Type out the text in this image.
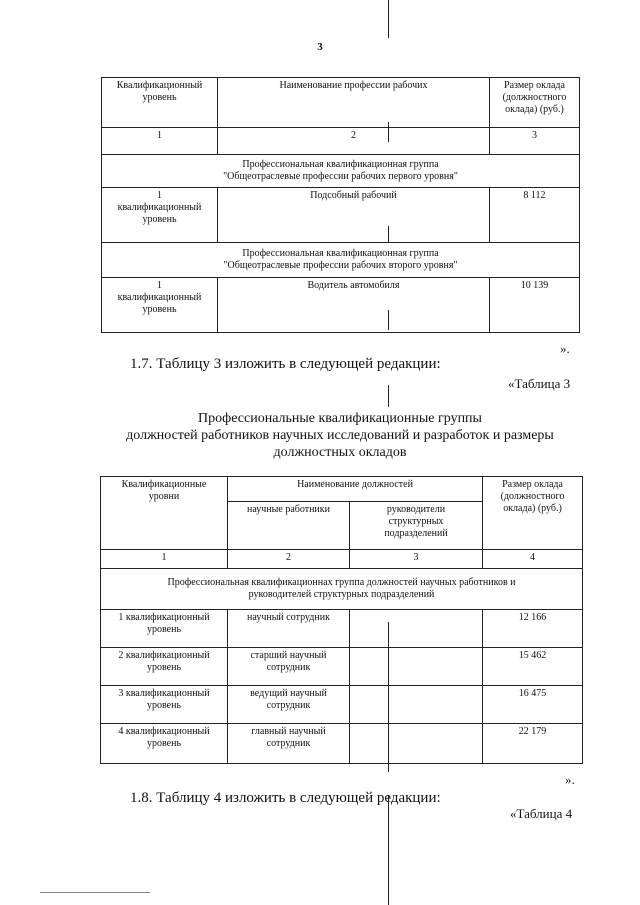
3
Квалификационный уровень	Наименование профессии рабочих	Размер оклада (должностного оклада) (руб.)
1	2	3
Профессиональная квалификационная группа
"Общеотраслевые профессии рабочих первого уровня"		
1
квалификационный
уровень	Подсобный рабочий	8 112
Профессиональная квалификационная группа
"Общеотраслевые профессии рабочих второго уровня"		
1
квалификационный
уровень	Водитель автомобиля	10 139
».
1.7. Таблицу 3 изложить в следующей редакции:
«Таблица 3
Профессиональные квалификационные группы
должностей работников научных исследований и разработок и размеры
должностных окладов
Квалификационные
уровни	Наименование должностей		Размер оклада
(должностного
оклада) (руб.)
	научные работники	руководители
структурных
подразделений	
1	2	3	4
Профессиональная квалификационнах группа должностей научных работников и
руководителей структурных подразделений			
1 квалификационный
уровень	научный сотрудник		12 166
2 квалификационный
уровень	старший научный
сотрудник		15 462
3 квалификационный
уровень	ведущий научный
сотрудник		16 475
4 квалификационный
уровень	главный научный
сотрудник		22 179
».
1.8. Таблицу 4 изложить в следующей редакции:
«Таблица 4
